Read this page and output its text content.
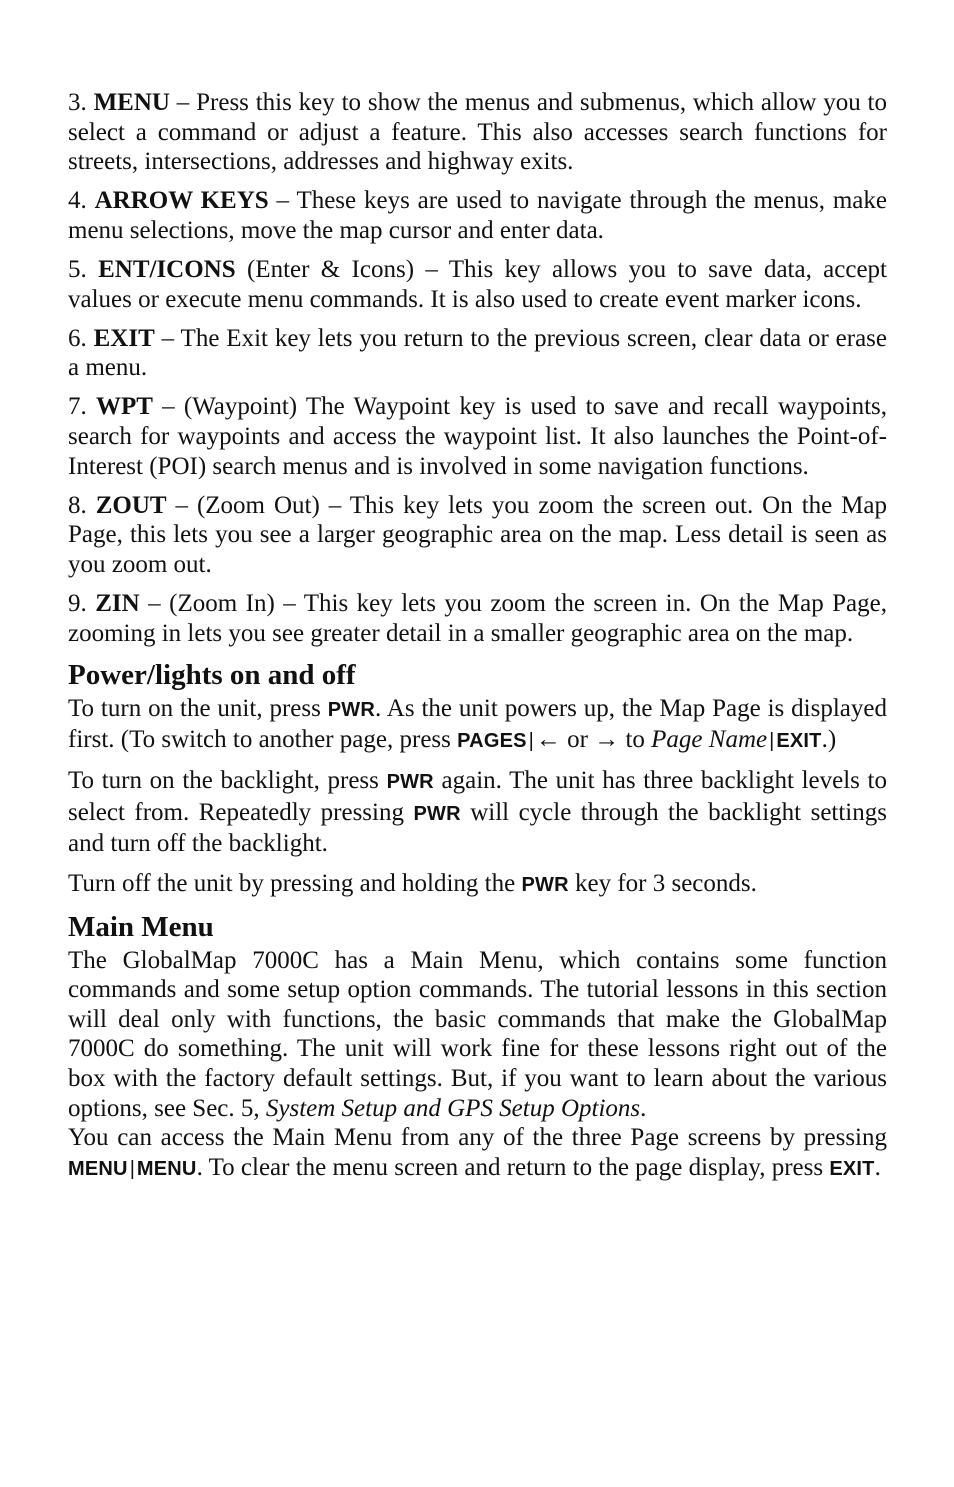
3. MENU – Press this key to show the menus and submenus, which allow you to select a command or adjust a feature. This also accesses search functions for streets, intersections, addresses and highway exits.

4. ARROW KEYS – These keys are used to navigate through the menus, make menu selections, move the map cursor and enter data.

5. ENT/ICONS (Enter & Icons) – This key allows you to save data, accept values or execute menu commands. It is also used to create event marker icons.

6. EXIT – The Exit key lets you return to the previous screen, clear data or erase a menu.

7. WPT – (Waypoint) The Waypoint key is used to save and recall waypoints, search for waypoints and access the waypoint list. It also launches the Point-of-Interest (POI) search menus and is involved in some navigation functions.

8. ZOUT – (Zoom Out) – This key lets you zoom the screen out. On the Map Page, this lets you see a larger geographic area on the map. Less detail is seen as you zoom out.

9. ZIN – (Zoom In) – This key lets you zoom the screen in. On the Map Page, zooming in lets you see greater detail in a smaller geographic area on the map.

Power/lights on and off

To turn on the unit, press PWR. As the unit powers up, the Map Page is displayed first. (To switch to another page, press PAGES |← or → to Page Name | EXIT.)

To turn on the backlight, press PWR again. The unit has three backlight levels to select from. Repeatedly pressing PWR will cycle through the backlight settings and turn off the backlight.

Turn off the unit by pressing and holding the PWR key for 3 seconds.

Main Menu

The GlobalMap 7000C has a Main Menu, which contains some function commands and some setup option commands. The tutorial lessons in this section will deal only with functions, the basic commands that make the GlobalMap 7000C do something. The unit will work fine for these lessons right out of the box with the factory default settings. But, if you want to learn about the various options, see Sec. 5, System Setup and GPS Setup Options.

You can access the Main Menu from any of the three Page screens by pressing MENU | MENU. To clear the menu screen and return to the page display, press EXIT.
